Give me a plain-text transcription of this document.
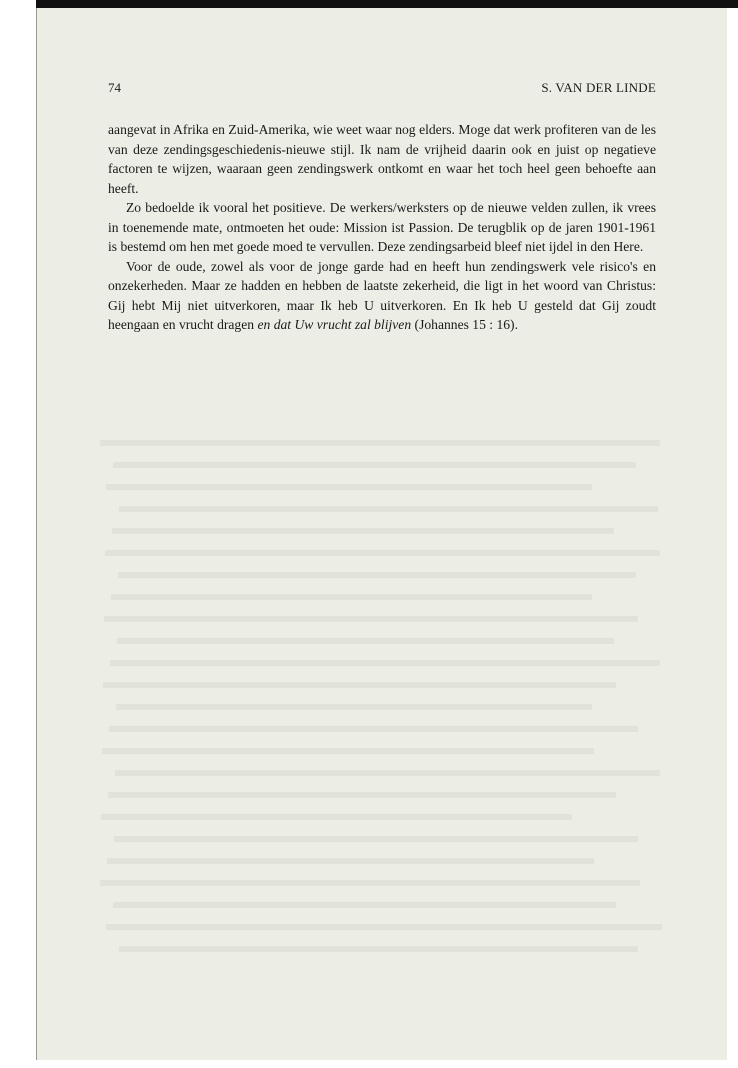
74	S. VAN DER LINDE

aangevat in Afrika en Zuid-Amerika, wie weet waar nog elders. Moge dat werk profiteren van de les van deze zendingsgeschiedenis-nieuwe stijl. Ik nam de vrijheid daarin ook en juist op negatieve factoren te wijzen, waaraan geen zendingswerk ontkomt en waar het toch heel geen behoefte aan heeft.

Zo bedoelde ik vooral het positieve. De werkers/werksters op de nieuwe velden zullen, ik vrees in toenemende mate, ontmoeten het oude: Mission ist Passion. De terugblik op de jaren 1901-1961 is bestemd om hen met goede moed te vervullen. Deze zendingsarbeid bleef niet ijdel in den Here.

Voor de oude, zowel als voor de jonge garde had en heeft hun zendingswerk vele risico's en onzekerheden. Maar ze hadden en hebben de laatste zekerheid, die ligt in het woord van Christus: Gij hebt Mij niet uitverkoren, maar Ik heb U uitverkoren. En Ik heb U gesteld dat Gij zoudt heengaan en vrucht dragen en dat Uw vrucht zal blijven (Johannes 15 : 16).
